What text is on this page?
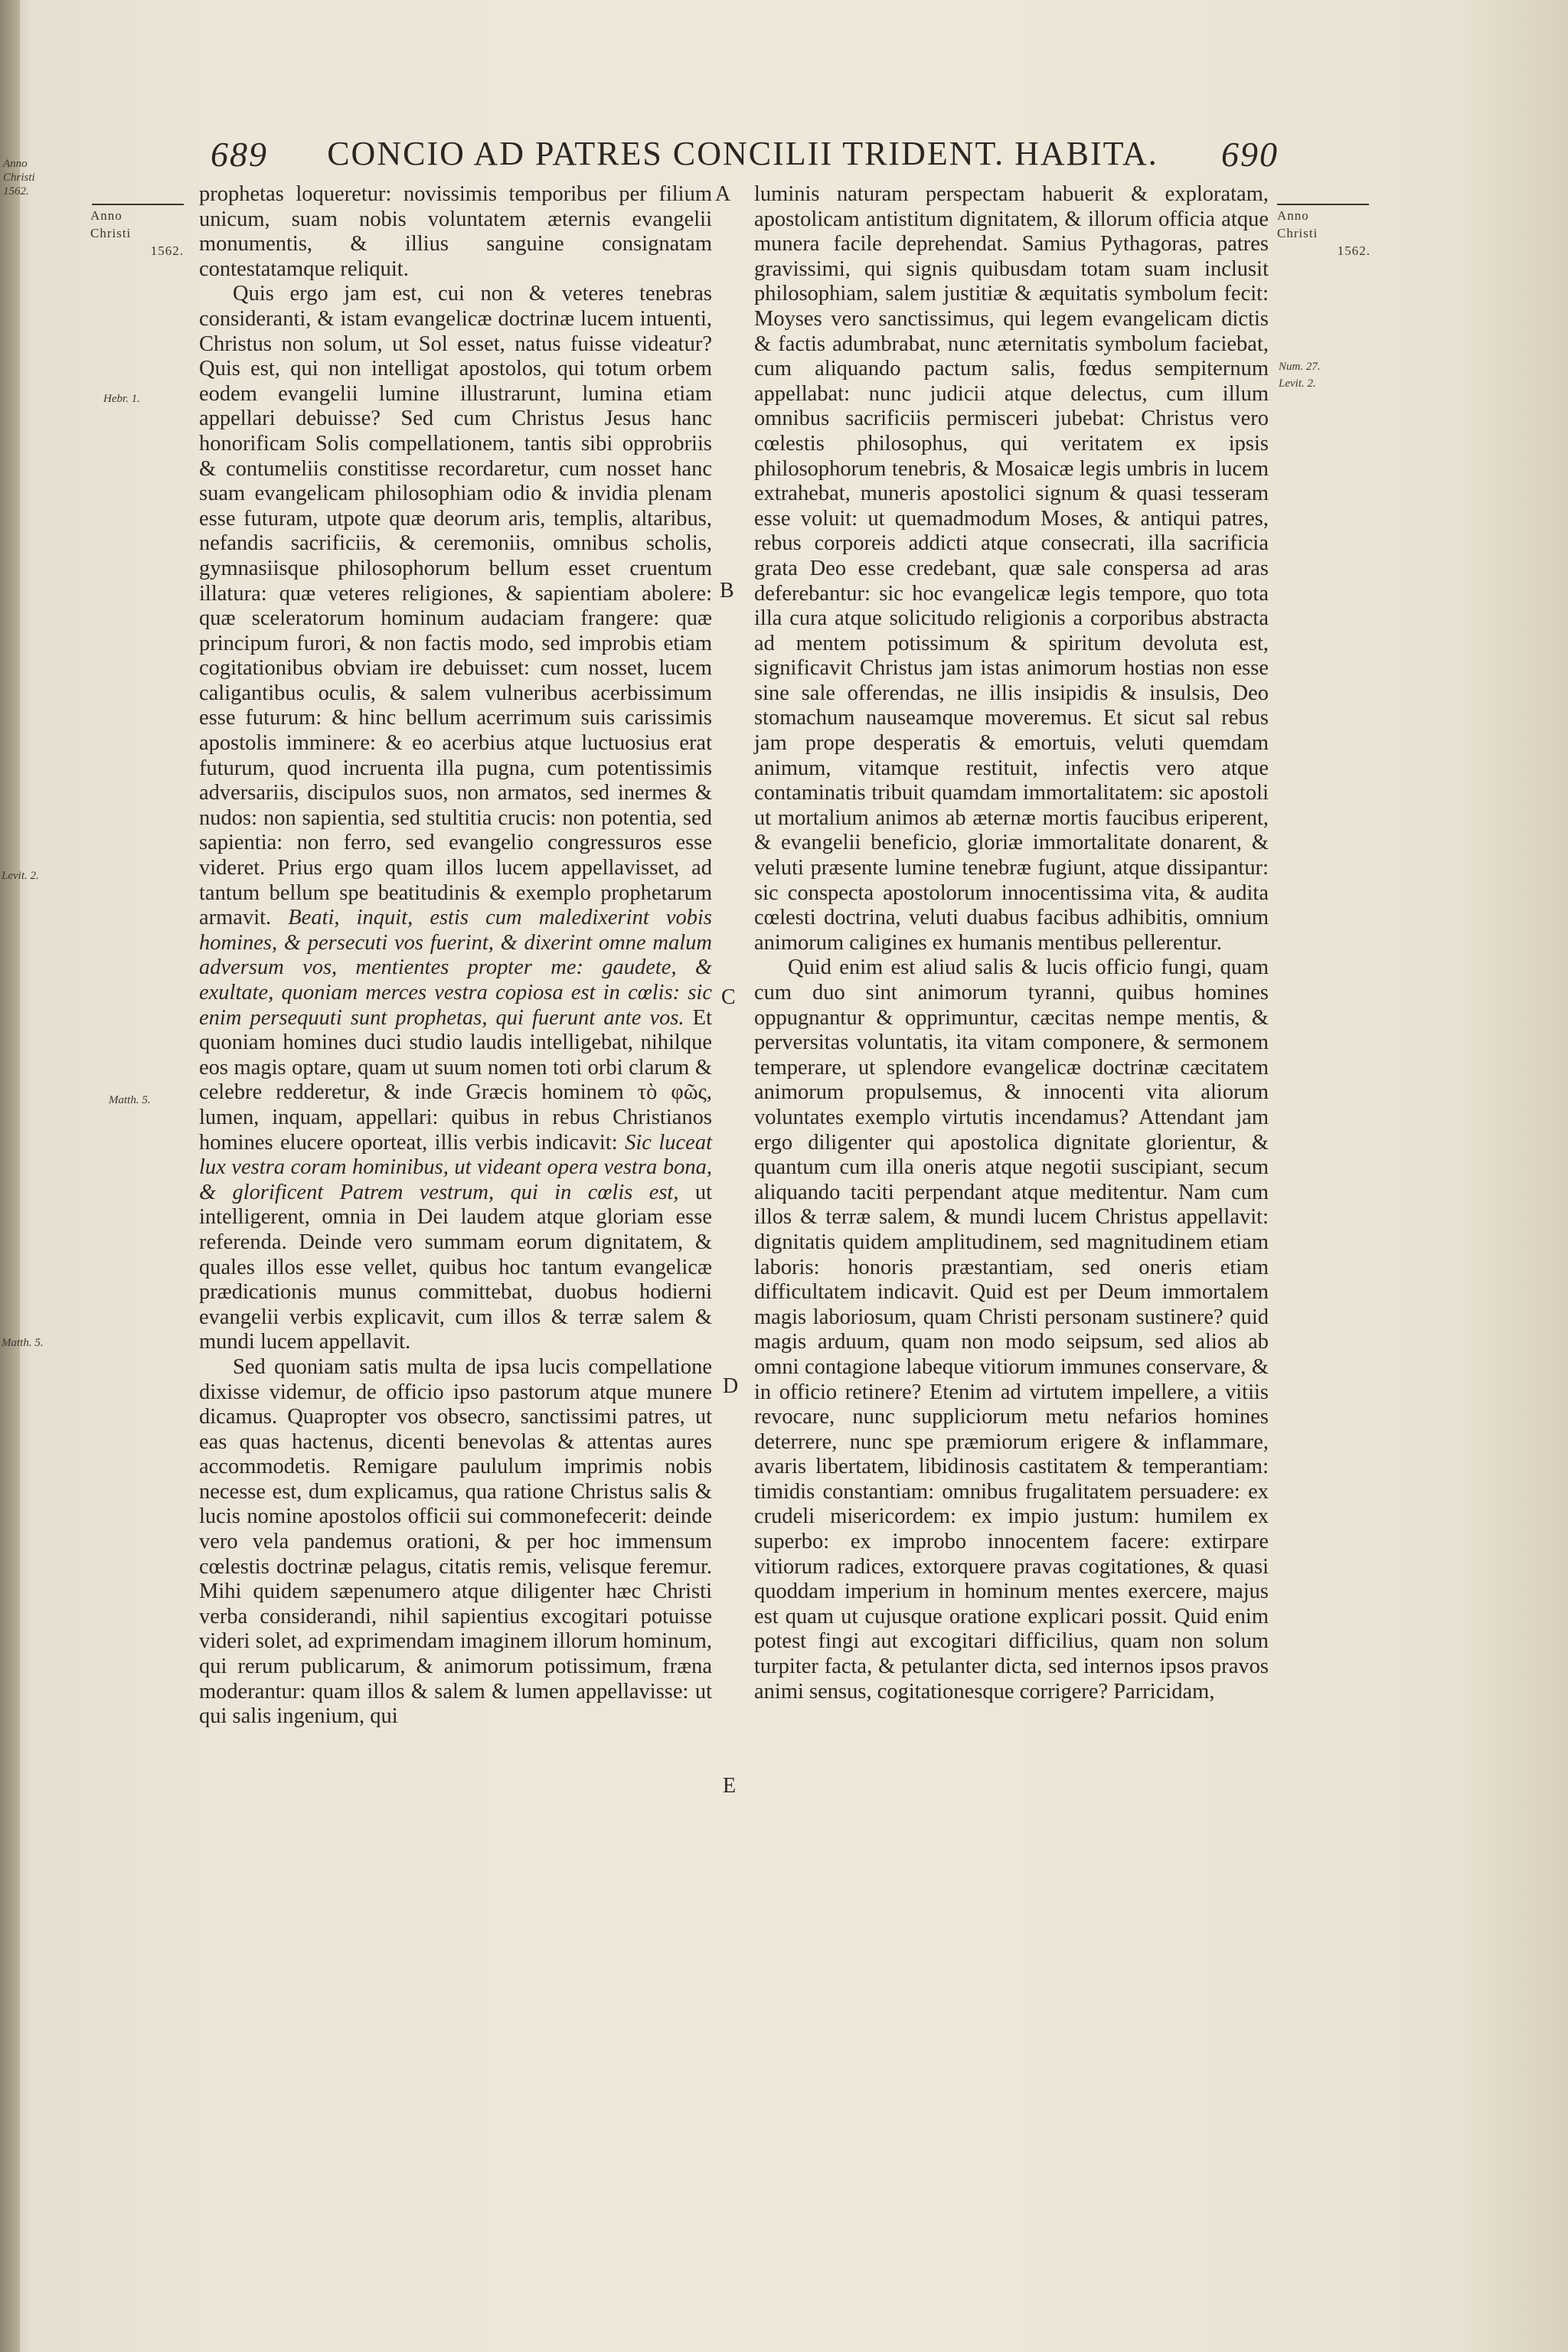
Anno Christi 1562.
Levit. 2.
Matth. 5.
689 CONCIO AD PATRES CONCILII TRIDENT. HABITA. 690
Anno
Christi
1562.
Hebr. 1.
Matth. 5.
Anno
Christi
1562.
Num. 27.
Levit. 2.
A
B
C
D
E

prophetas loqueretur: novissimis temporibus per filium unicum, suam nobis voluntatem æternis evangelii monumentis, & illius sanguine consignatam contestatamque reliquit.

Quis ergo jam est, cui non & veteres tenebras consideranti, & istam evangelicæ doctrinæ lucem intuenti, Christus non solum, ut Sol esset, natus fuisse videatur? Quis est, qui non intelligat apostolos, qui totum orbem eodem evangelii lumine illustrarunt, lumina etiam appellari debuisse? Sed cum Christus Jesus hanc honorificam Solis compellationem, tantis sibi opprobriis & contumeliis constitisse recordaretur, cum nosset hanc suam evangelicam philosophiam odio & invidia plenam esse futuram, utpote quæ deorum aris, templis, altaribus, nefandis sacrificiis, & ceremoniis, omnibus scholis, gymnasiisque philosophorum bellum esset cruentum illatura: quæ veteres religiones, & sapientiam abolere: quæ sceleratorum hominum audaciam frangere: quæ principum furori, & non factis modo, sed improbis etiam cogitationibus obviam ire debuisset: cum nosset, lucem caligantibus oculis, & salem vulneribus acerbissimum esse futurum: & hinc bellum acerrimum suis carissimis apostolis imminere: & eo acerbius atque luctuosius erat futurum, quod incruenta illa pugna, cum potentissimis adversariis, discipulos suos, non armatos, sed inermes & nudos: non sapientia, sed stultitia crucis: non potentia, sed sapientia: non ferro, sed evangelio congressuros esse videret. Prius ergo quam illos lucem appellavisset, ad tantum bellum spe beatitudinis & exemplo prophetarum armavit. Beati, inquit, estis cum maledixerint vobis homines, & persecuti vos fuerint, & dixerint omne malum adversum vos, mentientes propter me: gaudete, & exultate, quoniam merces vestra copiosa est in cœlis: sic enim persequuti sunt prophetas, qui fuerunt ante vos. Et quoniam homines duci studio laudis intelligebat, nihilque eos magis optare, quam ut suum nomen toti orbi clarum & celebre redderetur, & inde Græcis hominem τὸ φῶς, lumen, inquam, appellari: quibus in rebus Christianos homines elucere oporteat, illis verbis indicavit: Sic luceat lux vestra coram hominibus, ut videant opera vestra bona, & glorificent Patrem vestrum, qui in cœlis est, ut intelligerent, omnia in Dei laudem atque gloriam esse referenda. Deinde vero summam eorum dignitatem, & quales illos esse vellet, quibus hoc tantum evangelicæ prædicationis munus committebat, duobus hodierni evangelii verbis explicavit, cum illos & terræ salem & mundi lucem appellavit.

Sed quoniam satis multa de ipsa lucis compellatione dixisse videmur, de officio ipso pastorum atque munere dicamus. Quapropter vos obsecro, sanctissimi patres, ut eas quas hactenus, dicenti benevolas & attentas aures accommodetis. Remigare paululum imprimis nobis necesse est, dum explicamus, qua ratione Christus salis & lucis nomine apostolos officii sui commonefecerit: deinde vero vela pandemus orationi, & per hoc immensum cœlestis doctrinæ pelagus, citatis remis, velisque feremur. Mihi quidem sæpenumero atque diligenter hæc Christi verba considerandi, nihil sapientius excogitari potuisse videri solet, ad exprimendam imaginem illorum hominum, qui rerum publicarum, & animorum potissimum, fræna moderantur: quam illos & salem & lumen appellavisse: ut qui salis ingenium, qui

luminis naturam perspectam habuerit & exploratam, apostolicam antistitum dignitatem, & illorum officia atque munera facile deprehendat. Samius Pythagoras, patres gravissimi, qui signis quibusdam totam suam inclusit philosophiam, salem justitiæ & æquitatis symbolum fecit: Moyses vero sanctissimus, qui legem evangelicam dictis & factis adumbrabat, nunc æternitatis symbolum faciebat, cum aliquando pactum salis, fœdus sempiternum appellabat: nunc judicii atque delectus, cum illum omnibus sacrificiis permisceri jubebat: Christus vero cœlestis philosophus, qui veritatem ex ipsis philosophorum tenebris, & Mosaicæ legis umbris in lucem extrahebat, muneris apostolici signum & quasi tesseram esse voluit: ut quemadmodum Moses, & antiqui patres, rebus corporeis addicti atque consecrati, illa sacrificia grata Deo esse credebant, quæ sale conspersa ad aras deferebantur: sic hoc evangelicæ legis tempore, quo tota illa cura atque solicitudo religionis a corporibus abstracta ad mentem potissimum & spiritum devoluta est, significavit Christus jam istas animorum hostias non esse sine sale offerendas, ne illis insipidis & insulsis, Deo stomachum nauseamque moveremus. Et sicut sal rebus jam prope desperatis & emortuis, veluti quemdam animum, vitamque restituit, infectis vero atque contaminatis tribuit quamdam immortalitatem: sic apostoli ut mortalium animos ab æternæ mortis faucibus eriperent, & evangelii beneficio, gloriæ immortalitate donarent, & veluti præsente lumine tenebræ fugiunt, atque dissipantur: sic conspecta apostolorum innocentissima vita, & audita cœlesti doctrina, veluti duabus facibus adhibitis, omnium animorum caligines ex humanis mentibus pellerentur.

Quid enim est aliud salis & lucis officio fungi, quam cum duo sint animorum tyranni, quibus homines oppugnantur & opprimuntur, cæcitas nempe mentis, & perversitas voluntatis, ita vitam componere, & sermonem temperare, ut splendore evangelicæ doctrinæ cæcitatem animorum propulsemus, & innocenti vita aliorum voluntates exemplo virtutis incendamus? Attendant jam ergo diligenter qui apostolica dignitate glorientur, & quantum cum illa oneris atque negotii suscipiant, secum aliquando taciti perpendant atque meditentur. Nam cum illos & terræ salem, & mundi lucem Christus appellavit: dignitatis quidem amplitudinem, sed magnitudinem etiam laboris: honoris præstantiam, sed oneris etiam difficultatem indicavit. Quid est per Deum immortalem magis laboriosum, quam Christi personam sustinere? quid magis arduum, quam non modo seipsum, sed alios ab omni contagione labeque vitiorum immunes conservare, & in officio retinere? Etenim ad virtutem impellere, a vitiis revocare, nunc suppliciorum metu nefarios homines deterrere, nunc spe præmiorum erigere & inflammare, avaris libertatem, libidinosis castitatem & temperantiam: timidis constantiam: omnibus frugalitatem persuadere: ex crudeli misericordem: ex impio justum: humilem ex superbo: ex improbo innocentem facere: extirpare vitiorum radices, extorquere pravas cogitationes, & quasi quoddam imperium in hominum mentes exercere, majus est quam ut cujusque oratione explicari possit. Quid enim potest fingi aut excogitari difficilius, quam non solum turpiter facta, & petulanter dicta, sed internos ipsos pravos animi sensus, cogitationesque corrigere? Parricidam,
